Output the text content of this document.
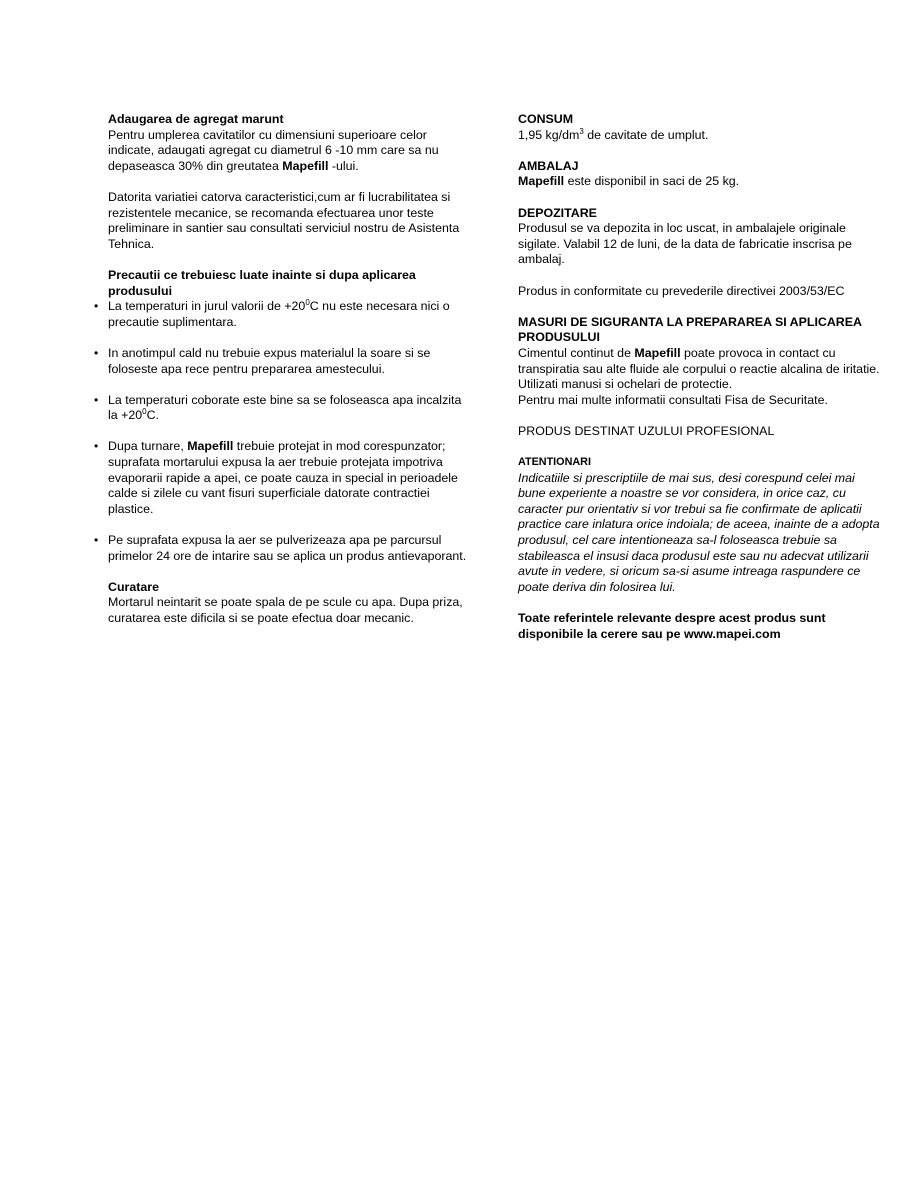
Adaugarea de agregat marunt
Pentru umplerea cavitatilor cu dimensiuni superioare celor indicate, adaugati agregat cu diametrul 6 -10 mm care sa nu depaseasca 30% din greutatea Mapefill -ului.
Datorita variatiei catorva caracteristici,cum ar fi lucrabilitatea si rezistentele mecanice, se recomanda efectuarea unor teste preliminare in santier sau consultati serviciul nostru de Asistenta Tehnica.
Precautii ce trebuiesc luate inainte si dupa aplicarea produsului
• La temperaturi in jurul valorii de $+20^0C$ nu este necesara nici o precautie suplimentara.
• In anotimpul cald nu trebuie expus materialul la soare si se foloseste apa rece pentru prepararea amestecului.
• La temperaturi coborate este bine sa se foloseasca apa incalzita la $+20^0C$.
• Dupa turnare, Mapefill trebuie protejat in mod corespunzator; suprafata mortarului expusa la aer trebuie protejata impotriva evaporarii rapide a apei, ce poate cauza in special in perioadele calde si zilele cu vant fisuri superficiale datorate contractiei plastice.
• Pe suprafata expusa la aer se pulverizeaza apa pe parcursul primelor 24 ore de intarire sau se aplica un produs antievaporant.
Curatare
Mortarul neintarit se poate spala de pe scule cu apa. Dupa priza, curatarea este dificila si se poate efectua doar mecanic.
CONSUM
1,95 $kg/dm^3$ de cavitate de umplut.
AMBALAJ
Mapefill este disponibil in saci de 25 kg.
DEPOZITARE
Produsul se va depozita in loc uscat, in ambalajele originale sigilate. Valabil 12 de luni, de la data de fabricatie inscrisa pe ambalaj.
Produs in conformitate cu prevederile directivei 2003/53/EC
MASURI DE SIGURANTA LA PREPARAREA SI APLICAREA PRODUSULUI
Cimentul continut de Mapefill poate provoca in contact cu transpiratia sau alte fluide ale corpului o reactie alcalina de iritatie.
Utilizati manusi si ochelari de protectie.
Pentru mai multe informatii consultati Fisa de Securitate.
PRODUS DESTINAT UZULUI PROFESIONAL
ATENTIONARI
Indicatiile si prescriptiile de mai sus, desi corespund celei mai bune experiente a noastre se vor considera, in orice caz, cu caracter pur orientativ si vor trebui sa fie confirmate de aplicatii practice care inlatura orice indoiala; de aceea, inainte de a adopta produsul, cel care intentioneaza sa-l foloseasca trebuie sa stabileasca el insusi daca produsul este sau nu adecvat utilizarii avute in vedere, si oricum sa-si asume intreaga raspundere ce poate deriva din folosirea lui.
Toate referintele relevante despre acest produs sunt disponibile la cerere sau pe www.mapei.com
